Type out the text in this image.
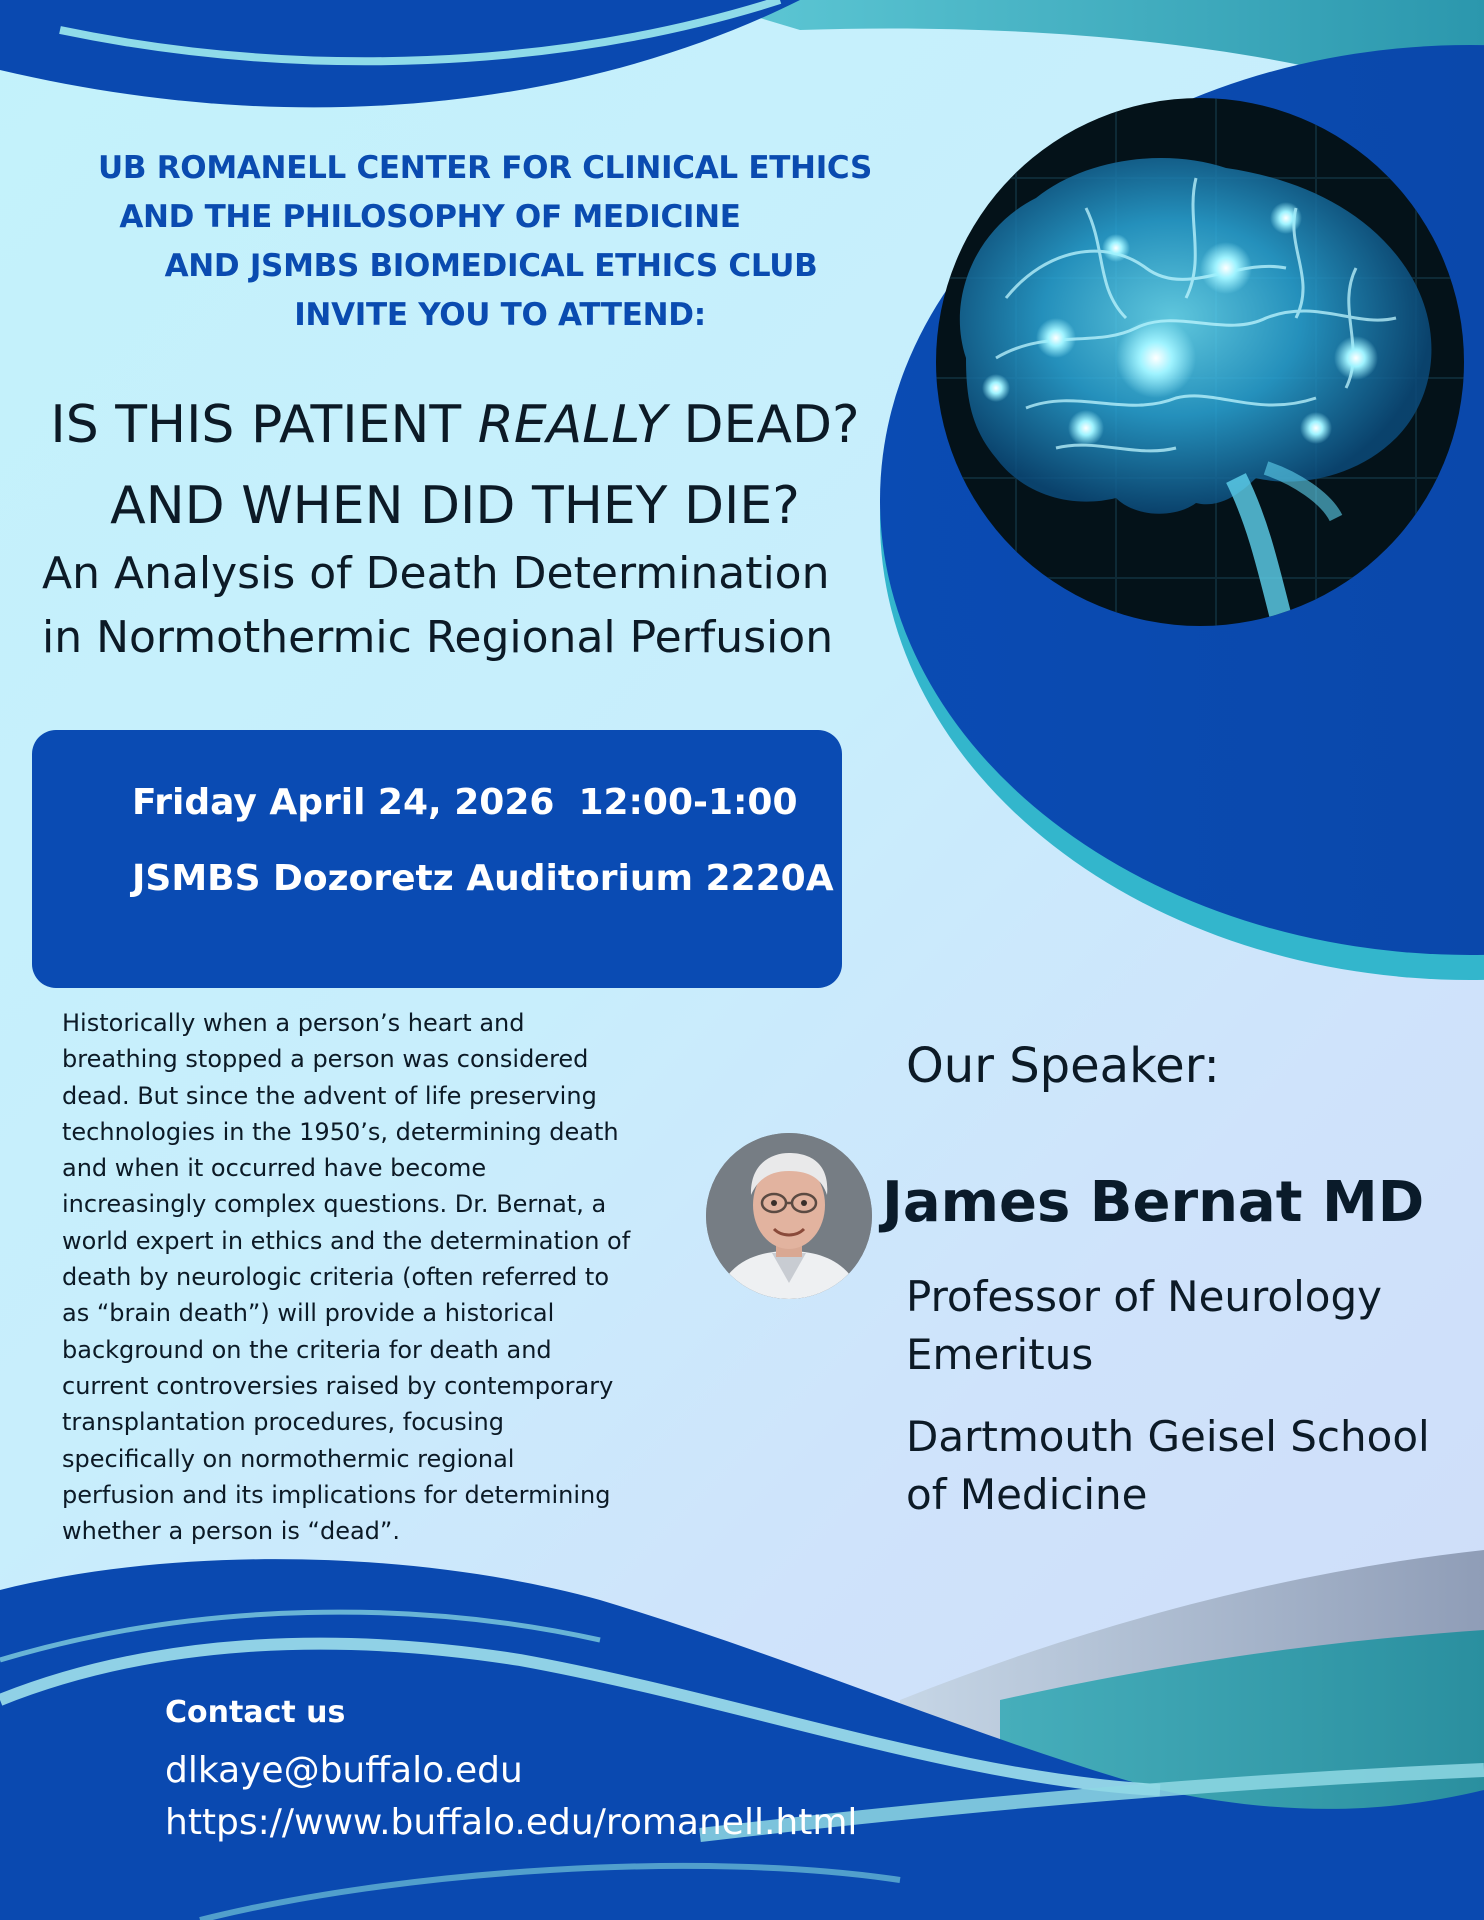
UB ROMANELL CENTER FOR CLINICAL ETHICS
AND THE PHILOSOPHY OF MEDICINE
AND JSMBS BIOMEDICAL ETHICS CLUB
INVITE YOU TO ATTEND:
IS THIS PATIENT REALLY DEAD?
AND WHEN DID THEY DIE?
An Analysis of Death Determination
in Normothermic Regional Perfusion
Friday April 24, 2026 12:00-1:00
JSMBS Dozoretz Auditorium 2220A
Historically when a person’s heart and
breathing stopped a person was considered
dead. But since the advent of life preserving
technologies in the 1950’s, determining death
and when it occurred have become
increasingly complex questions. Dr. Bernat, a
world expert in ethics and the determination of
death by neurologic criteria (often referred to
as “brain death”) will provide a historical
background on the criteria for death and
current controversies raised by contemporary
transplantation procedures, focusing
specifically on normothermic regional
perfusion and its implications for determining
whether a person is “dead”.
Our Speaker:
James Bernat MD
Professor of Neurology
Emeritus
Dartmouth Geisel School
of Medicine
Contact us
dlkaye@buffalo.edu
https://www.buffalo.edu/romanell.html
